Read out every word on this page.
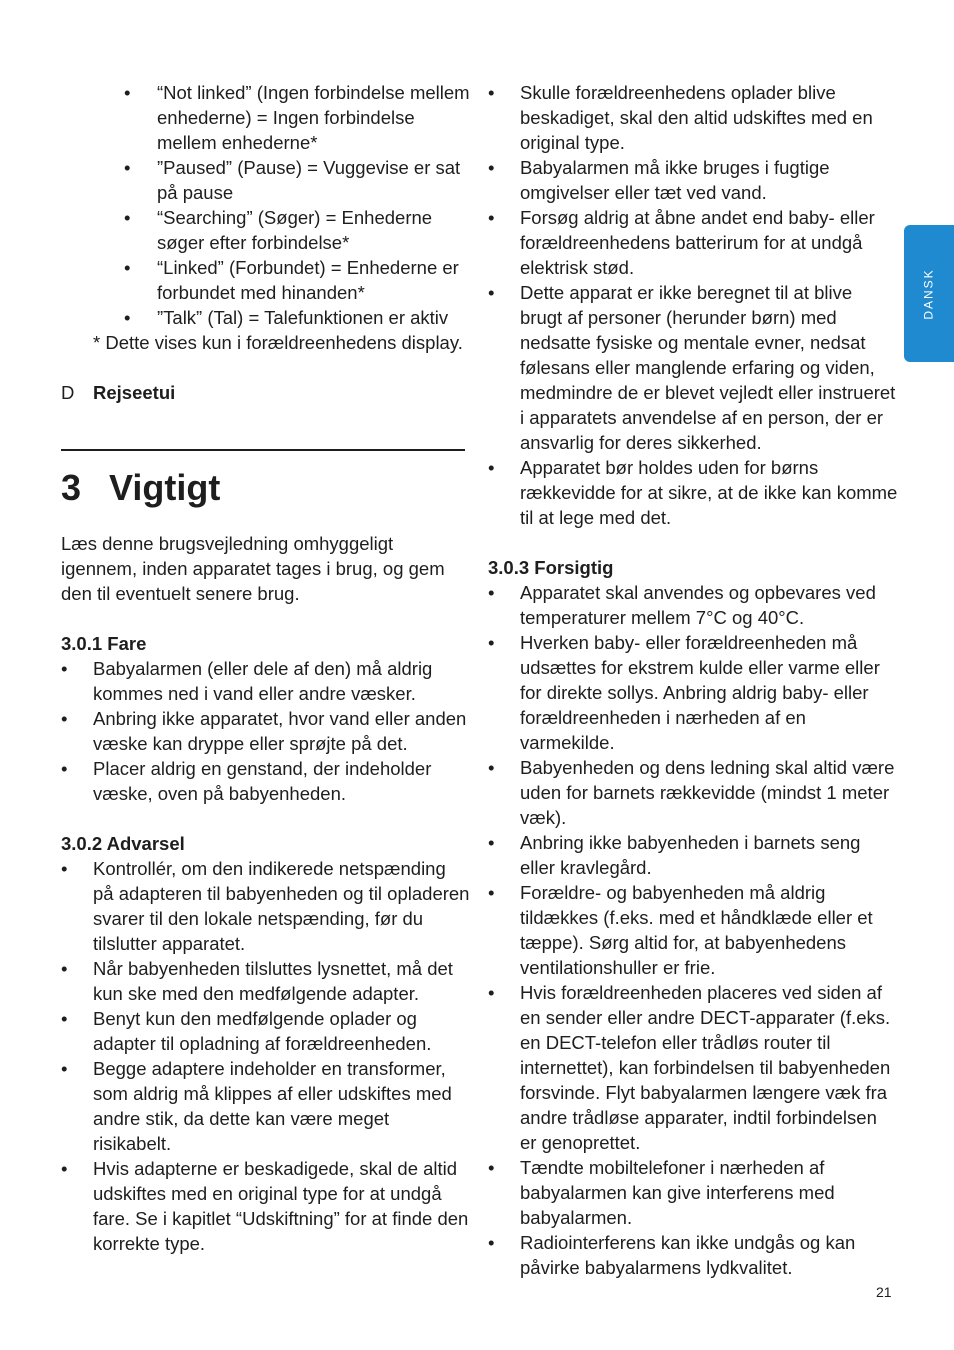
• “Not linked” (Ingen forbindelse mellem enhederne) = Ingen forbindelse mellem enhederne*
• ”Paused” (Pause) = Vuggevise er sat på pause
• “Searching” (Søger) = Enhederne søger efter forbindelse*
• “Linked” (Forbundet) = Enhederne er forbundet med hinanden*
• ”Talk” (Tal) = Talefunktionen er aktiv
* Dette vises kun i forældreenhedens display.
D Rejseetui
3 Vigtigt
Læs denne brugsvejledning omhyggeligt igennem, inden apparatet tages i brug, og gem den til eventuelt senere brug.
3.0.1 Fare
• Babyalarmen (eller dele af den) må aldrig kommes ned i vand eller andre væsker.
• Anbring ikke apparatet, hvor vand eller anden væske kan dryppe eller sprøjte på det.
• Placer aldrig en genstand, der indeholder væske, oven på babyenheden.
3.0.2 Advarsel
• Kontrollér, om den indikerede netspænding på adapteren til babyenheden og til opladeren svarer til den lokale netspænding, før du tilslutter apparatet.
• Når babyenheden tilsluttes lysnettet, må det kun ske med den medfølgende adapter.
• Benyt kun den medfølgende oplader og adapter til opladning af forældreenheden.
• Begge adaptere indeholder en transformer, som aldrig må klippes af eller udskiftes med andre stik, da dette kan være meget risikabelt.
• Hvis adapterne er beskadigede, skal de altid udskiftes med en original type for at undgå fare. Se i kapitlet “Udskiftning” for at finde den korrekte type.
• Skulle forældreenhedens oplader blive beskadiget, skal den altid udskiftes med en original type.
• Babyalarmen må ikke bruges i fugtige omgivelser eller tæt ved vand.
• Forsøg aldrig at åbne andet end baby- eller forældreenhedens batterirum for at undgå elektrisk stød.
• Dette apparat er ikke beregnet til at blive brugt af personer (herunder børn) med nedsatte fysiske og mentale evner, nedsat følesans eller manglende erfaring og viden, medmindre de er blevet vejledt eller instrueret i apparatets anvendelse af en person, der er ansvarlig for deres sikkerhed.
• Apparatet bør holdes uden for børns rækkevidde for at sikre, at de ikke kan komme til at lege med det.
3.0.3 Forsigtig
• Apparatet skal anvendes og opbevares ved temperaturer mellem 7°C og 40°C.
• Hverken baby- eller forældreenheden må udsættes for ekstrem kulde eller varme eller for direkte sollys. Anbring aldrig baby- eller forældreenheden i nærheden af en varmekilde.
• Babyenheden og dens ledning skal altid være uden for barnets rækkevidde (mindst 1 meter væk).
• Anbring ikke babyenheden i barnets seng eller kravlegård.
• Forældre- og babyenheden må aldrig tildækkes (f.eks. med et håndklæde eller et tæppe). Sørg altid for, at babyenhedens ventilationshuller er frie.
• Hvis forældreenheden placeres ved siden af en sender eller andre DECT-apparater (f.eks. en DECT-telefon eller trådløs router til internettet), kan forbindelsen til babyenheden forsvinde. Flyt babyalarmen længere væk fra andre trådløse apparater, indtil forbindelsen er genoprettet.
• Tændte mobiltelefoner i nærheden af babyalarmen kan give interferens med babyalarmen.
• Radiointerferens kan ikke undgås og kan påvirke babyalarmens lydkvalitet.
DANSK
21
